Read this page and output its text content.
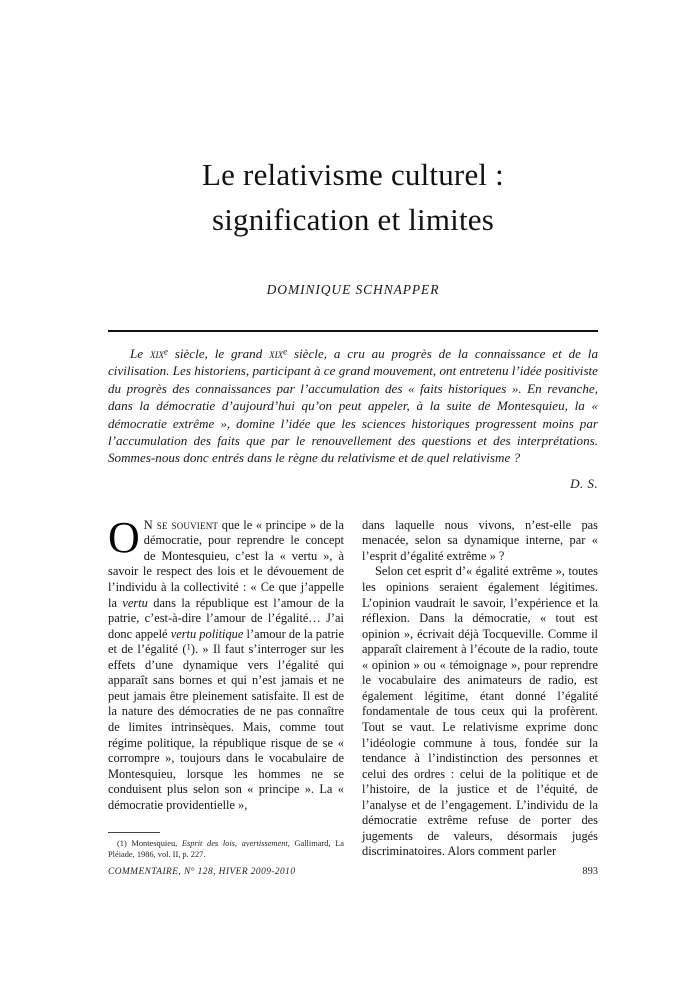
Le relativisme culturel :
signification et limites
DOMINIQUE SCHNAPPER
Le xix$^e$ siècle, le grand xix$^e$ siècle, a cru au progrès de la connaissance et de la civilisation. Les historiens, participant à ce grand mouvement, ont entretenu l’idée positiviste du progrès des connaissances par l’accumulation des « faits historiques ». En revanche, dans la démocratie d’aujourd’hui qu’on peut appeler, à la suite de Montesquieu, la « démocratie extrême », domine l’idée que les sciences historiques progressent moins par l’accumulation des faits que par le renouvellement des questions et des interprétations. Sommes-nous donc entrés dans le règne du relativisme et de quel relativisme ?
D. S.

O N se souvient que le « principe » de la démocratie, pour reprendre le concept de Montesquieu, c’est la « vertu », à savoir le respect des lois et le dévouement de l’individu à la collectivité : « Ce que j’appelle la vertu dans la république est l’amour de la patrie, c’est-à-dire l’amour de l’égalité… J’ai donc appelé vertu politique l’amour de la patrie et de l’égalité ($^1$). » Il faut s’interroger sur les effets d’une dynamique vers l’égalité qui apparaît sans bornes et qui n’est jamais et ne peut jamais être pleinement satisfaite. Il est de la nature des démocraties de ne pas connaître de limites intrinsèques. Mais, comme tout régime politique, la république risque de se « corrompre », toujours dans le vocabulaire de Montesquieu, lorsque les hommes ne se conduisent plus selon son « principe ». La « démocratie providentielle »,

(1) Montesquieu, Esprit des lois, avertissement, Gallimard, La Pléiade, 1986, vol. II, p. 227.

dans laquelle nous vivons, n’est-elle pas menacée, selon sa dynamique interne, par « l’esprit d’égalité extrême » ?

Selon cet esprit d’« égalité extrême », toutes les opinions seraient également légitimes. L’opinion vaudrait le savoir, l’expérience et la réflexion. Dans la démocratie, « tout est opinion », écrivait déjà Tocqueville. Comme il apparaît clairement à l’écoute de la radio, toute « opinion » ou « témoignage », pour reprendre le vocabulaire des animateurs de radio, est également légitime, étant donné l’égalité fondamentale de tous ceux qui la profèrent. Tout se vaut. Le relativisme exprime donc l’idéologie commune à tous, fondée sur la tendance à l’indistinction des personnes et celui des ordres : celui de la politique et de l’histoire, de la justice et de l’équité, de l’analyse et de l’engagement. L’individu de la démocratie extrême refuse de porter des jugements de valeurs, désormais jugés discriminatoires. Alors comment parler

COMMENTAIRE, N° 128, HIVER 2009-2010	893
